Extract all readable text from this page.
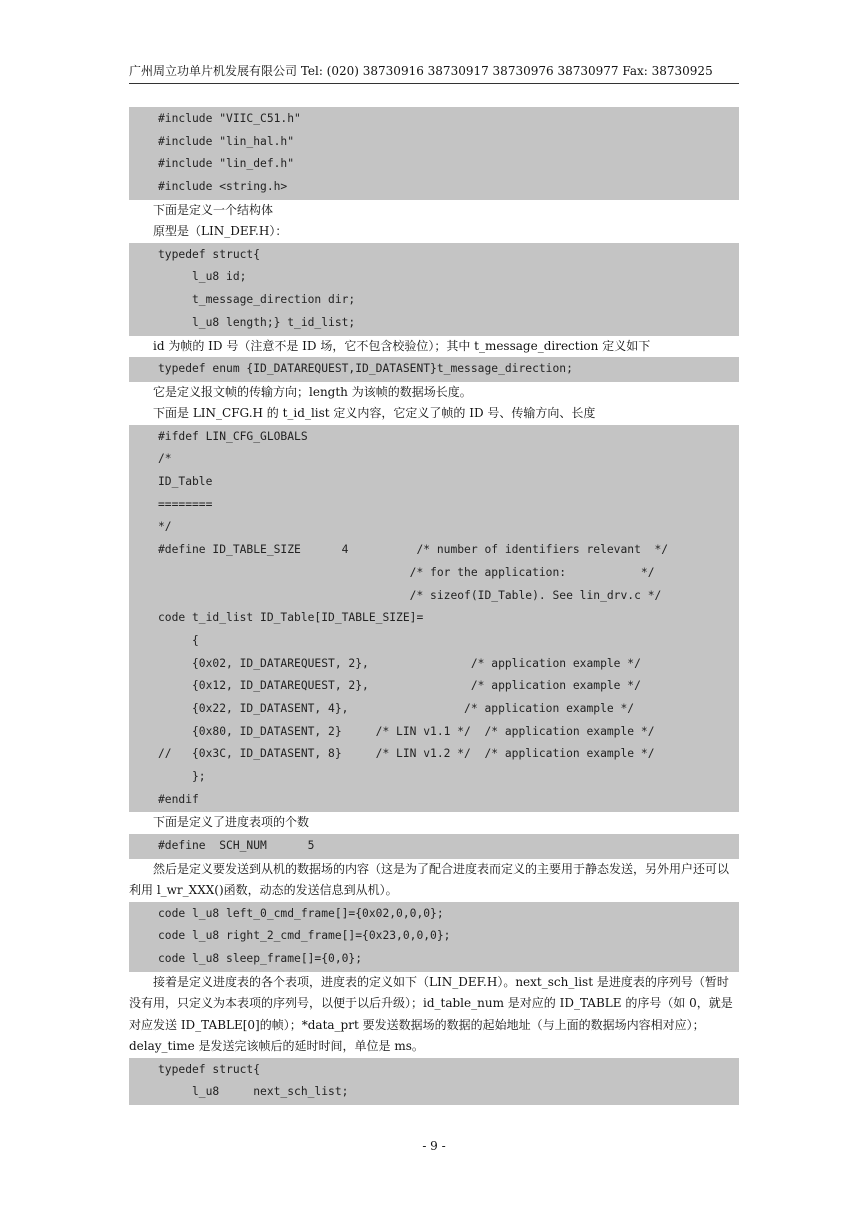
广州周立功单片机发展有限公司 Tel: (020) 38730916 38730917 38730976 38730977 Fax: 38730925
#include "VIIC_C51.h"
#include "lin_hal.h"
#include "lin_def.h"
#include <string.h>
下面是定义一个结构体
原型是（LIN_DEF.H）：
typedef struct{
l_u8 id;
t_message_direction dir;
l_u8 length;} t_id_list;
id 为帧的 ID 号（注意不是 ID 场，它不包含校验位）；其中 t_message_direction 定义如下
typedef enum {ID_DATAREQUEST,ID_DATASENT}t_message_direction;
它是定义报文帧的传输方向；length 为该帧的数据场长度。
下面是 LIN_CFG.H 的 t_id_list 定义内容，它定义了帧的 ID 号、传输方向、长度
#ifdef LIN_CFG_GLOBALS
/*
ID_Table
========
*/
#define ID_TABLE_SIZE      4          /* number of identifiers relevant  */
/* for the application:           */
/* sizeof(ID_Table). See lin_drv.c */
code t_id_list ID_Table[ID_TABLE_SIZE]=
{
{0x02, ID_DATAREQUEST, 2},               /* application example */
{0x12, ID_DATAREQUEST, 2},               /* application example */
{0x22, ID_DATASENT, 4},                 /* application example */
{0x80, ID_DATASENT, 2}     /* LIN v1.1 */  /* application example */
//   {0x3C, ID_DATASENT, 8}     /* LIN v1.2 */  /* application example */
};
#endif
下面是定义了进度表项的个数
#define  SCH_NUM      5
然后是定义要发送到从机的数据场的内容（这是为了配合进度表而定义的主要用于静态发送，另外用户还可以利用 l_wr_XXX()函数，动态的发送信息到从机）。
code l_u8 left_0_cmd_frame[]={0x02,0,0,0};
code l_u8 right_2_cmd_frame[]={0x23,0,0,0};
code l_u8 sleep_frame[]={0,0};
接着是定义进度表的各个表项，进度表的定义如下（LIN_DEF.H）。next_sch_list 是进度表的序列号（暂时没有用，只定义为本表项的序列号，以便于以后升级）；id_table_num 是对应的 ID_TABLE 的序号（如 0，就是对应发送 ID_TABLE[0]的帧）；*data_prt 要发送数据场的数据的起始地址（与上面的数据场内容相对应）；delay_time 是发送完该帧后的延时时间，单位是 ms。
typedef struct{
l_u8     next_sch_list;
- 9 -
